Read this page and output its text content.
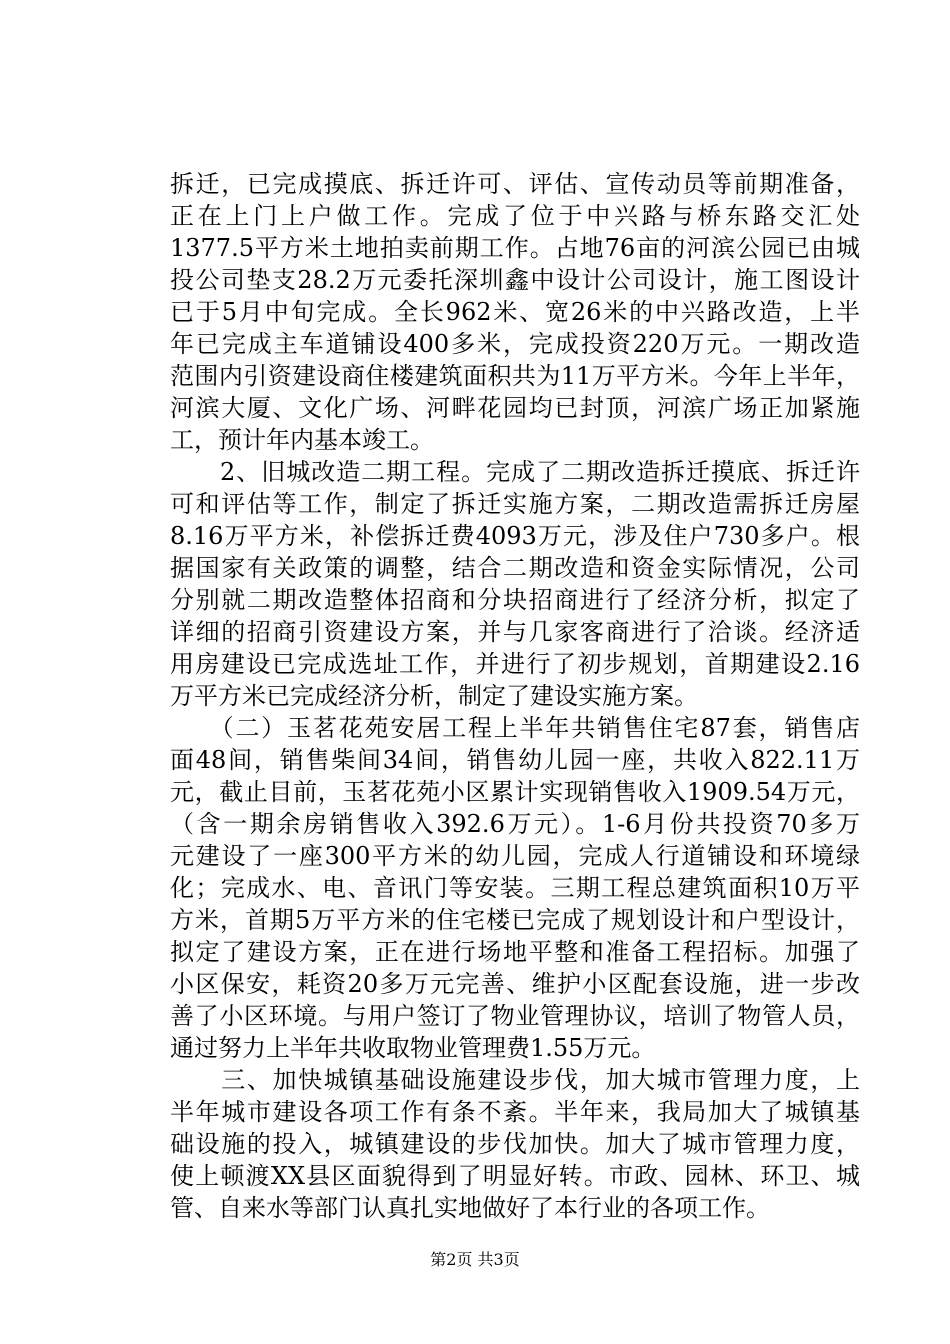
拆迁，已完成摸底、拆迁许可、评估、宣传动员等前期准备，
正在上门上户做工作。完成了位于中兴路与桥东路交汇处
1377.5平方米土地拍卖前期工作。占地76亩的河滨公园已由城
投公司垫支28.2万元委托深圳鑫中设计公司设计，施工图设计
已于5月中旬完成。全长962米、宽26米的中兴路改造，上半
年已完成主车道铺设400多米，完成投资220万元。一期改造
范围内引资建设商住楼建筑面积共为11万平方米。今年上半年，
河滨大厦、文化广场、河畔花园均已封顶，河滨广场正加紧施
工，预计年内基本竣工。
　　2、旧城改造二期工程。完成了二期改造拆迁摸底、拆迁许
可和评估等工作，制定了拆迁实施方案，二期改造需拆迁房屋
8.16万平方米，补偿拆迁费4093万元，涉及住户730多户。根
据国家有关政策的调整，结合二期改造和资金实际情况，公司
分别就二期改造整体招商和分块招商进行了经济分析，拟定了
详细的招商引资建设方案，并与几家客商进行了洽谈。经济适
用房建设已完成选址工作，并进行了初步规划，首期建设2.16
万平方米已完成经济分析，制定了建设实施方案。
　　（二）玉茗花苑安居工程上半年共销售住宅87套，销售店
面48间，销售柴间34间，销售幼儿园一座，共收入822.11万
元，截止目前，玉茗花苑小区累计实现销售收入1909.54万元，
（含一期余房销售收入392.6万元）。1-6月份共投资70多万
元建设了一座300平方米的幼儿园，完成人行道铺设和环境绿
化；完成水、电、音讯门等安装。三期工程总建筑面积10万平
方米，首期5万平方米的住宅楼已完成了规划设计和户型设计，
拟定了建设方案，正在进行场地平整和准备工程招标。加强了
小区保安，耗资20多万元完善、维护小区配套设施，进一步改
善了小区环境。与用户签订了物业管理协议，培训了物管人员，
通过努力上半年共收取物业管理费1.55万元。
　　三、加快城镇基础设施建设步伐，加大城市管理力度，上
半年城市建设各项工作有条不紊。半年来，我局加大了城镇基
础设施的投入，城镇建设的步伐加快。加大了城市管理力度，
使上顿渡XX县区面貌得到了明显好转。市政、园林、环卫、城
管、自来水等部门认真扎实地做好了本行业的各项工作。
第2页 共3页
